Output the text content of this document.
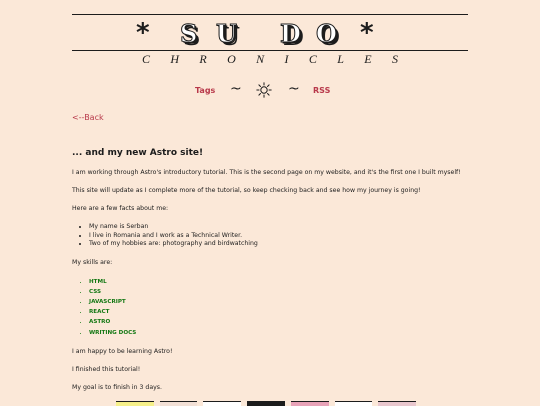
* S U D O *
C H R O N I C L E S
Tags ~	~ RSS
<--Back
... and my new Astro site!

I am working through Astro's introductory tutorial. This is the second page on my website, and it's the first one I built myself!

This site will update as I complete more of the tutorial, so keep checking back and see how my journey is going!

Here are a few facts about me:

• My name is Serban
• I live in Romania and I work as a Technical Writer.
• Two of my hobbies are: photography and birdwatching

My skills are:

• HTML
• CSS
• JAVASCRIPT
• REACT
• ASTRO
• WRITING DOCS

I am happy to be learning Astro!

I finished this tutorial!

My goal is to finish in 3 days.
